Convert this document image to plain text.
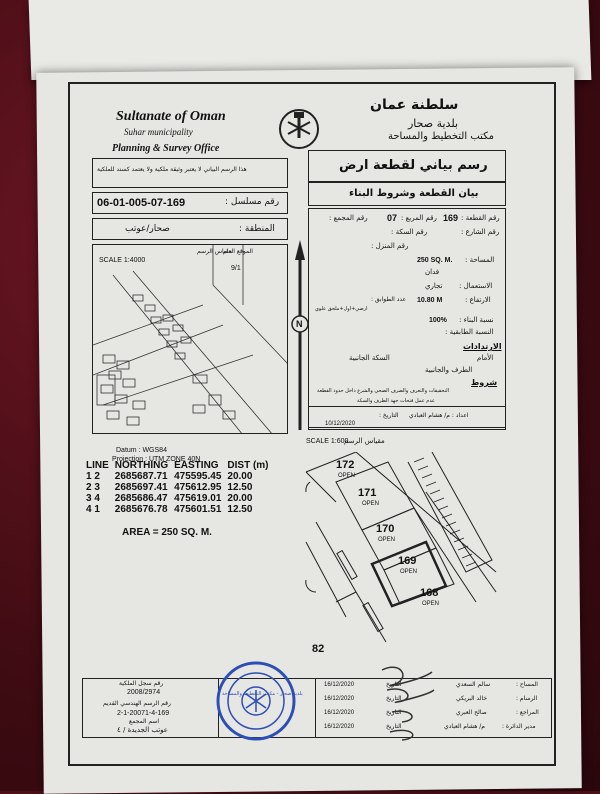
Sultanate of Oman
Suhar municipality
Planning & Survey Office
سلطنة عمان
بلدية صحار
مكتب التخطيط والمساحة
هذا الرسم البياني لا يعتبر وثيقة ملكية ولا يعتمد كسند للملكية
06-01-005-07-169	رقم مسلسل :
صحار/عوتب	المنطقة :
SCALE 1:4000
الموقع العام
مقياس الرسم
9/1
رسم بياني لقطعة ارض
بيان القطعة وشروط البناء
رقم القطعة :
169
رقم المربع :
07
رقم المجمع :
رقم الشارع :
رقم السكة :
رقم المنزل :
المساحة :
250 SQ. M.
فدان
الاستعمال :
تجاري
الارتفاع :
10.80 M
عدد الطوابق :
ارضي+اول+ملحق علوي
نسبة البناء :
100%
النسبة الطابقية :
الارتدادات
الأمام
السكة الجانبية
الطرف والجانبية
شروط
التحقيقات والتعرف والصرف الصحي والشرع داخل حدود القطعة
عدم عمل فتحات جهة الطرف والسكة
اعداد : م/ هشام العبادي
التاريخ :
10/12/2020
N
SCALE 1:600
مقياس الرسم
Datum : WGS84
Projection : UTM ZONE 40N	172
OPEN
171
OPEN
170
OPEN
169
OPEN
168
OPEN
82
LINE	NORTHING	EASTING	DIST (m)
1 2	2685687.71	475595.45	20.00
2 3	2685697.41	475612.95	12.50
3 4	2685686.47	475619.01	20.00
4 1	2685676.78	475601.51	12.50
AREA = 250 SQ. M.
رقم سجل الملكية
2008/2974
رقم الرسم الهندسي القديم
2-1-20071-4-169
اسم المجمع
عوتب الجديدة / ٤
16/12/2020	التاريخ	سالم السعدي	المساح :
16/12/2020	التاريخ	خالد البريكي	الرسام :
16/12/2020	التاريخ	صالح العبري	المراجع :
16/12/2020	التاريخ	م/ هشام العبادي	مدير الدائرة :
بلدية صحار - مكتب التخطيط والمساحة
